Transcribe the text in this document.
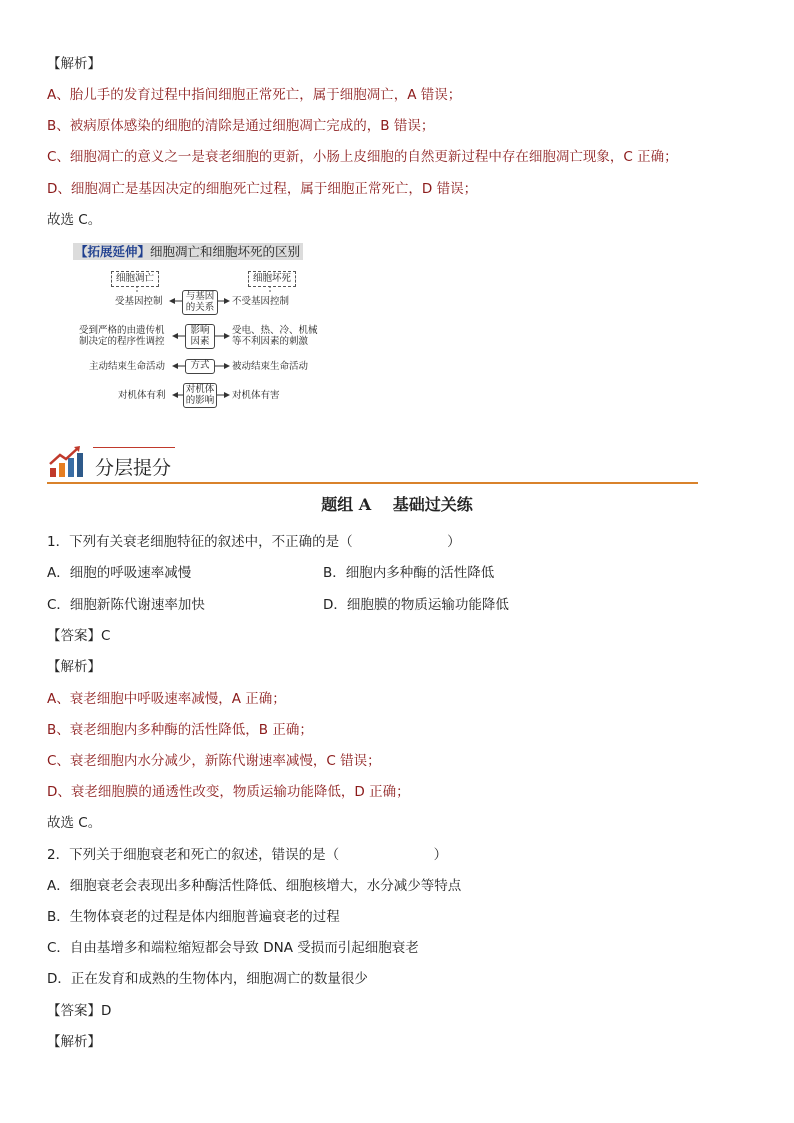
【解析】
A、胎儿手的发育过程中指间细胞正常死亡，属于细胞凋亡，A 错误；
B、被病原体感染的细胞的清除是通过细胞凋亡完成的，B 错误；
C、细胞凋亡的意义之一是衰老细胞的更新，小肠上皮细胞的自然更新过程中存在细胞凋亡现象，C 正确；
D、细胞凋亡是基因决定的细胞死亡过程，属于细胞正常死亡，D 错误；
故选 C。
【拓展延伸】细胞凋亡和细胞坏死的区别
细胞凋亡	细胞坏死
与基因
的关系
受基因控制	不受基因控制
影响
因素
受到严格的由遗传机
制决定的程序性调控
受电、热、冷、机械
等不利因素的刺激
方式
主动结束生命活动	被动结束生命活动
对机体
的影响
对机体有利	对机体有害
分层提分
题组 A　 基础过关练
1．下列有关衰老细胞特征的叙述中，不正确的是（　　　　　　　）
A．细胞的呼吸速率减慢	B．细胞内多种酶的活性降低
C．细胞新陈代谢速率加快	D．细胞膜的物质运输功能降低
【答案】C
【解析】
A、衰老细胞中呼吸速率减慢，A 正确；
B、衰老细胞内多种酶的活性降低，B 正确；
C、衰老细胞内水分减少，新陈代谢速率减慢，C 错误；
D、衰老细胞膜的通透性改变，物质运输功能降低，D 正确；
故选 C。
2．下列关于细胞衰老和死亡的叙述，错误的是（　　　　　　　）
A．细胞衰老会表现出多种酶活性降低、细胞核增大，水分减少等特点
B．生物体衰老的过程是体内细胞普遍衰老的过程
C．自由基增多和端粒缩短都会导致 DNA 受损而引起细胞衰老
D．正在发育和成熟的生物体内，细胞凋亡的数量很少
【答案】D
【解析】
